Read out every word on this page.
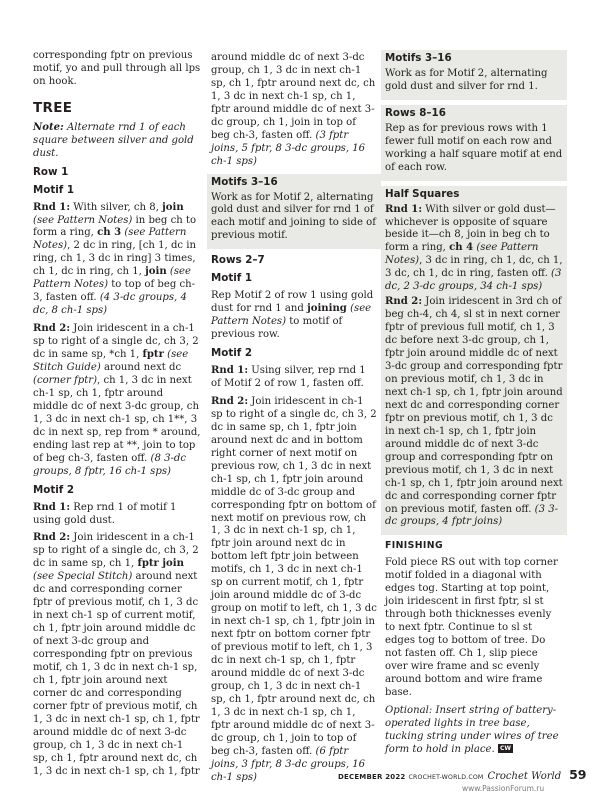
corresponding fptr on previous motif, yo and pull through all lps on hook.

TREE

Note: Alternate rnd 1 of each square between silver and gold dust.

Row 1
Motif 1

Rnd 1: With silver, ch 8, join (see Pattern Notes) in beg ch to form a ring, ch 3 (see Pattern Notes), 2 dc in ring, [ch 1, dc in ring, ch 1, 3 dc in ring] 3 times, ch 1, dc in ring, ch 1, join (see Pattern Notes) to top of beg ch-3, fasten off. (4 3-dc groups, 4 dc, 8 ch-1 sps)

Rnd 2: Join iridescent in a ch-1 sp to right of a single dc, ch 3, 2 dc in same sp, *ch 1, fptr (see Stitch Guide) around next dc (corner fptr), ch 1, 3 dc in next ch-1 sp, ch 1, fptr around middle dc of next 3-dc group, ch 1, 3 dc in next ch-1 sp, ch 1**, 3 dc in next sp, rep from * around, ending last rep at **, join to top of beg ch-3, fasten off. (8 3-dc groups, 8 fptr, 16 ch-1 sps)

Motif 2

Rnd 1: Rep rnd 1 of motif 1 using gold dust.

Rnd 2: Join iridescent in a ch-1 sp to right of a single dc, ch 3, 2 dc in same sp, ch 1, fptr join (see Special Stitch) around next dc and corresponding corner fptr of previous motif, ch 1, 3 dc in next ch-1 sp of current motif, ch 1, fptr join around middle dc of next 3-dc group and corresponding fptr on previous motif, ch 1, 3 dc in next ch-1 sp, ch 1, fptr join around next corner dc and corresponding corner fptr of previous motif, ch 1, 3 dc in next ch-1 sp, ch 1, fptr around middle dc of next 3-dc group, ch 1, 3 dc in next ch-1 sp, ch 1, fptr around next dc, ch 1, 3 dc in next ch-1 sp, ch 1, fptr

around middle dc of next 3-dc group, ch 1, 3 dc in next ch-1 sp, ch 1, fptr around next dc, ch 1, 3 dc in next ch-1 sp, ch 1, fptr around middle dc of next 3-dc group, ch 1, join in top of beg ch-3, fasten off. (3 fptr joins, 5 fptr, 8 3-dc groups, 16 ch-1 sps)

Motifs 3–16

Work as for Motif 2, alternating gold dust and silver for rnd 1 of each motif and joining to side of previous motif.

Rows 2–7
Motif 1

Rep Motif 2 of row 1 using gold dust for rnd 1 and joining (see Pattern Notes) to motif of previous row.

Motif 2

Rnd 1: Using silver, rep rnd 1 of Motif 2 of row 1, fasten off.

Rnd 2: Join iridescent in ch-1 sp to right of a single dc, ch 3, 2 dc in same sp, ch 1, fptr join around next dc and in bottom right corner of next motif on previous row, ch 1, 3 dc in next ch-1 sp, ch 1, fptr join around middle dc of 3-dc group and corresponding fptr on bottom of next motif on previous row, ch 1, 3 dc in next ch-1 sp, ch 1, fptr join around next dc in bottom left fptr join between motifs, ch 1, 3 dc in next ch-1 sp on current motif, ch 1, fptr join around middle dc of 3-dc group on motif to left, ch 1, 3 dc in next ch-1 sp, ch 1, fptr join in next fptr on bottom corner fptr of previous motif to left, ch 1, 3 dc in next ch-1 sp, ch 1, fptr around middle dc of next 3-dc group, ch 1, 3 dc in next ch-1 sp, ch 1, fptr around next dc, ch 1, 3 dc in next ch-1 sp, ch 1, fptr around middle dc of next 3-dc group, ch 1, join to top of beg ch-3, fasten off. (6 fptr joins, 3 fptr, 8 3-dc groups, 16 ch-1 sps)

Motifs 3–16

Work as for Motif 2, alternating gold dust and silver for rnd 1.

Rows 8–16

Rep as for previous rows with 1 fewer full motif on each row and working a half square motif at end of each row.

Half Squares

Rnd 1: With silver or gold dust—whichever is opposite of square beside it—ch 8, join in beg ch to form a ring, ch 4 (see Pattern Notes), 3 dc in ring, ch 1, dc, ch 1, 3 dc, ch 1, dc in ring, fasten off. (3 dc, 2 3-dc groups, 34 ch-1 sps)

Rnd 2: Join iridescent in 3rd ch of beg ch-4, ch 4, sl st in next corner fptr of previous full motif, ch 1, 3 dc before next 3-dc group, ch 1, fptr join around middle dc of next 3-dc group and corresponding fptr on previous motif, ch 1, 3 dc in next ch-1 sp, ch 1, fptr join around next dc and corresponding corner fptr on previous motif, ch 1, 3 dc in next ch-1 sp, ch 1, fptr join around middle dc of next 3-dc group and corresponding fptr on previous motif, ch 1, 3 dc in next ch-1 sp, ch 1, fptr join around next dc and corresponding corner fptr on previous motif, fasten off. (3 3-dc groups, 4 fptr joins)

FINISHING

Fold piece RS out with top corner motif folded in a diagonal with edges tog. Starting at top point, join iridescent in first fptr, sl st through both thicknesses evenly to next fptr. Continue to sl st edges tog to bottom of tree. Do not fasten off. Ch 1, slip piece over wire frame and sc evenly around bottom and wire frame base.

Optional: Insert string of battery-operated lights in tree base, tucking string under wires of tree form to hold in place. CW

DECEMBER 2022 CROCHET-WORLD.COM Crochet World 59
www.PassionForum.ru
